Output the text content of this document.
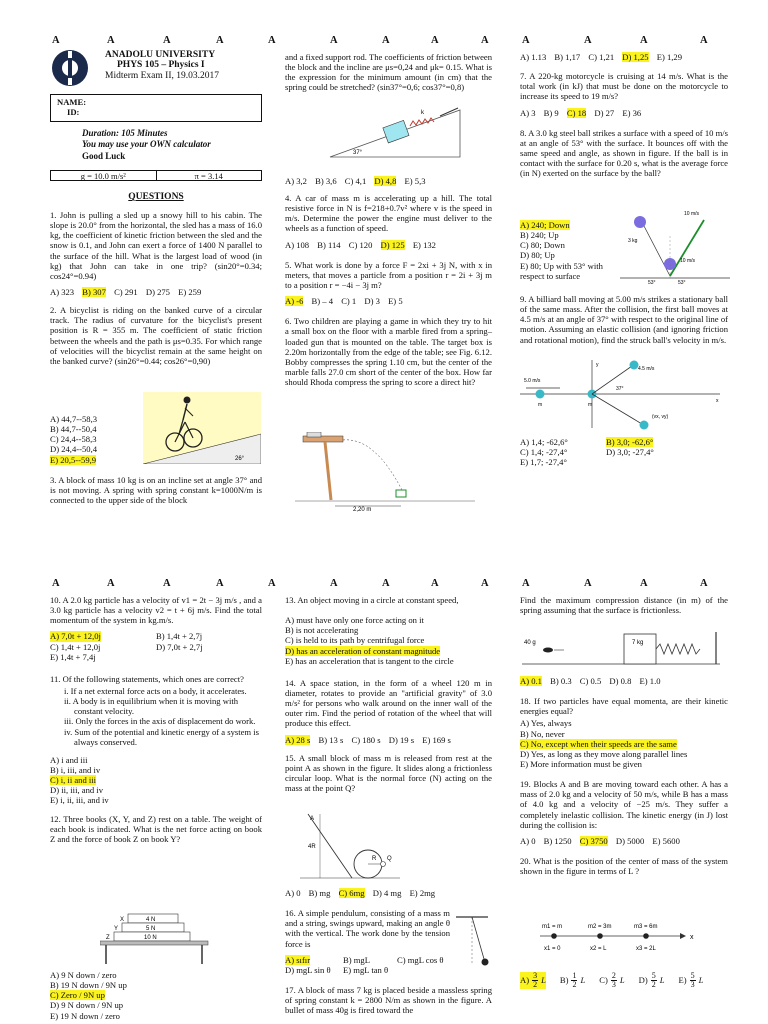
A	A	A	A	A	A	A	A	A	A	A	A	A
A	A	A	A	A	A	A	A	A	A	A	A	A
ANADOLU UNIVERSITY
PHYS 105 – Physics I
Midterm Exam II, 19.03.2017
NAME:
ID:
Duration: 105 Minutes
You may use your OWN calculator
Good Luck
g = 10.0 m/s²	π = 3.14
QUESTIONS

1. John is pulling a sled up a snowy hill to his cabin. The slope is 20.0° from the horizontal, the sled has a mass of 16.0 kg, the coefficient of kinetic friction between the sled and the snow is 0.1, and John can exert a force of 1400 N parallel to the surface of the hill. What is the largest load of wood (in kg) that John can take in one trip? (sin20°=0.34; cos24°=0.94)

A) 323 B) 307 C) 291 D) 275 E) 259

2. A bicyclist is riding on the banked curve of a circular track. The radius of curvature for the bicyclist's present position is R = 355 m. The coefficient of static friction between the wheels and the path is μs=0.35. For which range of velocities will the bicyclist remain at the same height on the banked curve? (sin26°=0.44; cos26°=0,90)

A) 44,7--58,3
B) 44,7--50,4
C) 24,4--58,3
D) 24,4--50,4
E) 20,5--59,9	26°

3. A block of mass 10 kg is on an incline set at angle 37° and is not moving. A spring with spring constant k=1000N/m is connected to the upper side of the block

and a fixed support rod. The coefficients of friction between the block and the incline are μs=0,24 and μk= 0.15. What is the expression for the minimum amount (in cm) that the spring could be stretched? (sin37°=0,6; cos37°=0,8)

k
37°
A) 3,2 B) 3,6 C) 4,1 D) 4,8 E) 5,3

4. A car of mass m is accelerating up a hill. The total resistive force in N is f=218+0.7v² where v is the speed in m/s. Determine the power the engine must deliver to the wheels as a function of speed.

A) 108 B) 114 C) 120 D) 125 E) 132

5. What work is done by a force F = 2xi + 3j N, with x in meters, that moves a particle from a position r = 2i + 3j m to a position r = −4i − 3j m?

A) -6 B) – 4 C) 1 D) 3 E) 5

6. Two children are playing a game in which they try to hit a small box on the floor with a marble fired from a spring–loaded gun that is mounted on the table. The target box is 2.20m horizontally from the edge of the table; see Fig. 6.12. Bobby compresses the spring 1.10 cm, but the center of the marble falls 27.0 cm short of the center of the box. How far should Rhoda compress the spring to score a direct hit?

2,20 m
A) 1.13 B) 1,17 C) 1,21 D) 1,25 E) 1,29

7. A 220-kg motorcycle is cruising at 14 m/s. What is the total work (in kJ) that must be done on the motorcycle to increase its speed to 19 m/s?

A) 3 B) 9 C) 18 D) 27 E) 36

8. A 3.0 kg steel ball strikes a surface with a speed of 10 m/s at an angle of 53° with the surface. It bounces off with the same speed and angle, as shown in figure. If the ball is in contact with the surface for 0.20 s, what is the average force (in N) exerted on the surface by the ball?

A) 240; Down
B) 240; Up
C) 80; Down
D) 80; Up
E) 80; Up with 53° with respect to surface
10 m/s
3 kg
10 m/s
53°	53°

9. A billiard ball moving at 5.00 m/s strikes a stationary ball of the same mass. After the collision, the first ball moves at 4.5 m/s at an angle of 37° with respect to the original line of motion. Assuming an elastic collision (and ignoring friction and rotational motion), find the struck ball's velocity in m/s.

5.0 m/s
4.5 m/s
37°
m	m
(vx, vy)
x
y
A) 1,4; -62,6°	B) 3,0; -62,6°
C) 1,4; -27,4°	D) 3,0; -27,4°
E) 1,7; -27,4°

10. A 2.0 kg particle has a velocity of v1 = 2t − 3j m/s , and a 3.0 kg particle has a velocity v2 = t + 6j m/s. Find the total momentum of the system in kg.m/s.

A) 7,0t + 12,0j	B) 1,4t + 2,7j
C) 1,4t + 12,0j	D) 7,0t + 2,7j
E) 1,4t + 7,4j

11. Of the following statements, which ones are correct?

i. If a net external force acts on a body, it accelerates.
ii. A body is in equilibrium when it is moving with constant velocity.
iii. Only the forces in the axis of displacement do work.
iv. Sum of the potential and kinetic energy of a system is always conserved.
A) i and iii
B) i, iii, and iv
C) i, ii and iii
D) ii, iii, and iv
E) i, ii, iii, and iv

12. Three books (X, Y, and Z) rest on a table. The weight of each book is indicated. What is the net force acting on book Z and the force of book Z on book Y?

X
Y
Z
4 N
5 N
10 N
A) 9 N down / zero
B) 19 N down / 9N up
C) Zero / 9N up
D) 9 N down / 9N up
E) 19 N down / zero

13. An object moving in a circle at constant speed,

A) must have only one force acting on it
B) is not accelerating
C) is held to its path by centrifugal force
D) has an acceleration of constant magnitude
E) has an acceleration that is tangent to the circle

14. A space station, in the form of a wheel 120 m in diameter, rotates to provide an "artificial gravity" of 3.0 m/s² for persons who walk around on the inner wall of the outer rim. Find the period of rotation of the wheel that will produce this effect.

A) 28 s B) 13 s C) 180 s D) 19 s E) 169 s

15. A small block of mass m is released from rest at the point A as shown in the figure. It slides along a frictionless circular loop. What is the normal force (N) acting on the mass at the point Q?

A
4R
R Q
A) 0 B) mg C) 6mg D) 4 mg E) 2mg

16. A simple pendulum, consisting of a mass m and a string, swings upward, making an angle θ with the vertical. The work done by the tension force is

A) sıfır	B) mgL	C) mgL cos θ
D) mgL sin θ E) mgL tan θ

17. A block of mass 7 kg is placed beside a massless spring of spring constant k = 2800 N/m as shown in the figure. A bullet of mass 40g is fired toward the

Find the maximum compression distance (in m) of the spring assuming that the surface is frictionless.

40 g	7 kg
A) 0.1 B) 0.3 C) 0.5 D) 0.8 E) 1.0

18. If two particles have equal momenta, are their kinetic energies equal?

A) Yes, always
B) No, never
C) No, except when their speeds are the same
D) Yes, as long as they move along parallel lines
E) More information must be given

19. Blocks A and B are moving toward each other. A has a mass of 2.0 kg and a velocity of 50 m/s, while B has a mass of 4.0 kg and a velocity of −25 m/s. They suffer a completely inelastic collision. The kinetic energy (in J) lost during the collision is:

A) 0 B) 1250 C) 3750 D) 5000 E) 5600

20. What is the position of the center of mass of the system shown in the figure in terms of L ?

m1 = m	m2 = 3m	m3 = 6m
x1 = 0	x2 = L	x3 = 2L
x
$A) \frac{3}{2}$ L $B) \frac{1}{2}$ L $C) \frac{2}{3}$ L $D) \frac{5}{2}$ L $E) \frac{5}{3}$ L
